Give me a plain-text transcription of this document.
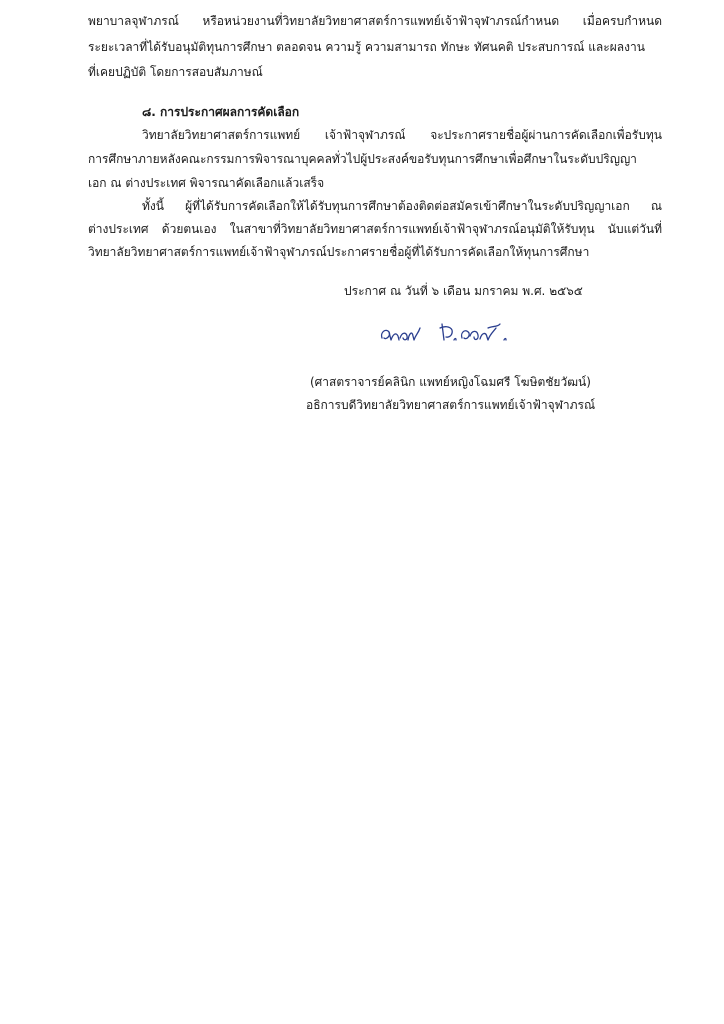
พยาบาลจุฬาภรณ์ หรือหน่วยงานที่วิทยาลัยวิทยาศาสตร์การแพทย์เจ้าฟ้าจุฬาภรณ์กำหนด เมื่อครบกำหนด
ระยะเวลาที่ได้รับอนุมัติทุนการศึกษา ตลอดจน ความรู้ ความสามารถ ทักษะ ทัศนคติ ประสบการณ์ และผลงาน
ที่เคยปฏิบัติ โดยการสอบสัมภาษณ์
๘. การประกาศผลการคัดเลือก
วิทยาลัยวิทยาศาสตร์การแพทย์ เจ้าฟ้าจุฬาภรณ์ จะประกาศรายชื่อผู้ผ่านการคัดเลือกเพื่อรับทุน
การศึกษาภายหลังคณะกรรมการพิจารณาบุคคลทั่วไปผู้ประสงค์ขอรับทุนการศึกษาเพื่อศึกษาในระดับปริญญา
เอก ณ ต่างประเทศ พิจารณาคัดเลือกแล้วเสร็จ
ทั้งนี้ ผู้ที่ได้รับการคัดเลือกให้ได้รับทุนการศึกษาต้องติดต่อสมัครเข้าศึกษาในระดับปริญญาเอก ณ
ต่างประเทศ ด้วยตนเอง ในสาขาที่วิทยาลัยวิทยาศาสตร์การแพทย์เจ้าฟ้าจุฬาภรณ์อนุมัติให้รับทุน นับแต่วันที่
วิทยาลัยวิทยาศาสตร์การแพทย์เจ้าฟ้าจุฬาภรณ์ประกาศรายชื่อผู้ที่ได้รับการคัดเลือกให้ทุนการศึกษา
ประกาศ ณ วันที่ ๖ เดือน มกราคม พ.ศ. ๒๕๖๕
(ศาสตราจารย์คลินิก แพทย์หญิงโฉมศรี โฆษิตชัยวัฒน์)
อธิการบดีวิทยาลัยวิทยาศาสตร์การแพทย์เจ้าฟ้าจุฬาภรณ์
